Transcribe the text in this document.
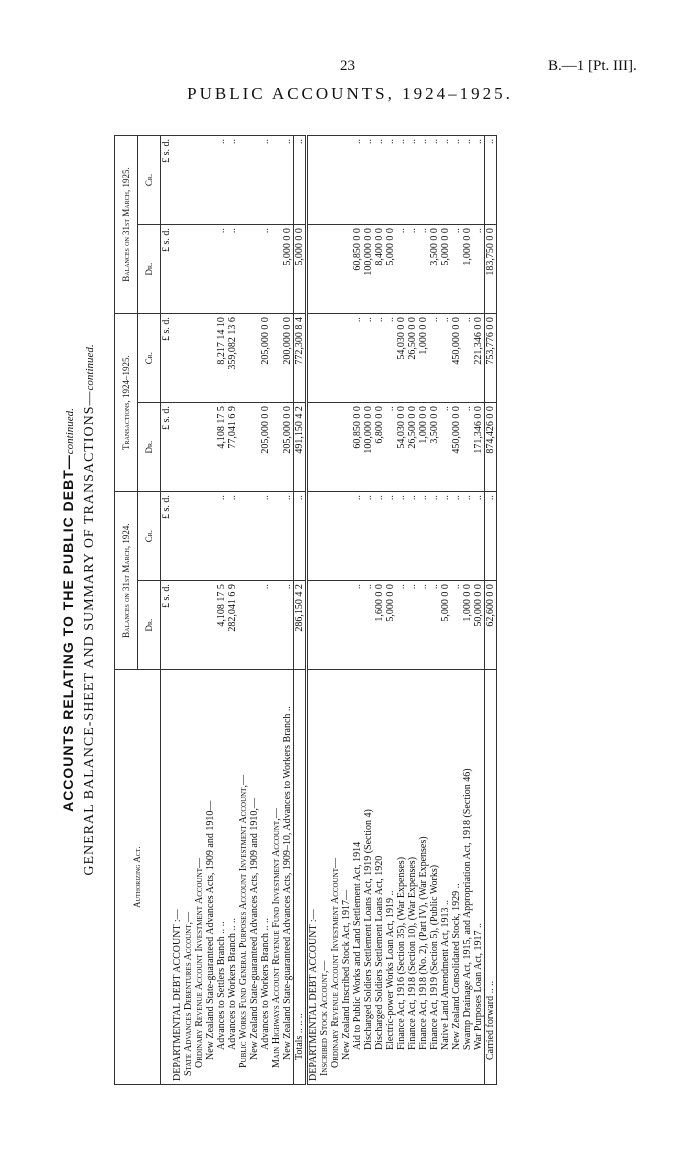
23	B.—1 [Pt. III].
PUBLIC ACCOUNTS, 1924–1925.
ACCOUNTS RELATING TO THE PUBLIC DEBT—continued. GENERAL BALANCE-SHEET AND SUMMARY OF TRANSACTIONS—continued.
Authorizing Act.	Balances on 31st March, 1924.		Transactions, 1924–1925.		Balances on 31st March, 1925.	
	Dr.	Cr.	Dr.	Cr.	Dr.	Cr.
	£ s. d.	£ s. d.	£ s. d.	£ s. d.	£ s. d.	£ s. d.
DEPARTMENTAL DEBT ACCOUNT :—						
State Advances Debentures Account,—						
Ordinary Revenue Account Investment Account—						
New Zealand State-guaranteed Advances Acts, 1909 and 1910—						
Advances to Settlers Branch .. ..	4,108 17 5	..	4,108 17 5	8,217 14 10	..	..
Advances to Workers Branch .. ..	282,041 6 9	..	77,041 6 9	359,082 13 6	..	..
Public Works Fund General Purposes Account Investment Account,—						
New Zealand State-guaranteed Advances Acts, 1909 and 1910,—						
Advances to Workers Branch .. ..	..	..	205,000 0 0	205,000 0 0	..	..
Main Highways Account Revenue Fund Investment Account,—						
New Zealand State-guaranteed Advances Acts, 1909–10, Advances to Workers Branch ..	..	..	205,000 0 0	200,000 0 0	5,000 0 0	..
Totals .. .. ..	286,150 4 2	..	491,150 4 2	772,300 8 4	5,000 0 0	..
DEPARTMENTAL DEBT ACCOUNT :—						
Inscribed Stock Account,—						
Ordinary Revenue Account Investment Account—						
New Zealand Inscribed Stock Act, 1917—						
Aid to Public Works and Land Settlement Act, 1914	..	..	60,850 0 0	..	60,850 0 0	..
Discharged Soldiers Settlement Loans Act, 1919 (Section 4)	..	..	100,000 0 0	..	100,000 0 0	..
Discharged Soldiers Settlement Loans Act, 1920	1,600 0 0	..	6,800 0 0	..	8,400 0 0	..
Electric-power Works Loan Act, 1919 ..	5,000 0 0	..	..	..	5,000 0 0	..
Finance Act, 1916 (Section 35), (War Expenses)	..	..	54,030 0 0	54,030 0 0	..	..
Finance Act, 1918 (Section 10), (War Expenses)	..	..	26,500 0 0	26,500 0 0	..	..
Finance Act, 1918 (No. 2), (Part IV), (War Expenses)	..	..	1,000 0 0	1,000 0 0	..	..
Finance Act, 1919 (Section 5), (Public Works)	..	..	3,500 0 0	..	3,500 0 0	..
Native Land Amendment Act, 1913 ..	5,000 0 0	..	..	..	5,000 0 0	..
New Zealand Consolidated Stock, 1929 ..	..	..	450,000 0 0	450,000 0 0	..	..
Swamp Drainage Act, 1915, and Appropriation Act, 1918 (Section 46)	1,000 0 0	..	..	..	1,000 0 0	..
War Purposes Loan Act, 1917 ..	50,000 0 0	..	171,346 0 0	221,346 0 0	..	..
Carried forward .. ..	62,600 0 0	..	874,426 0 0	753,776 0 0	183,750 0 0	..
